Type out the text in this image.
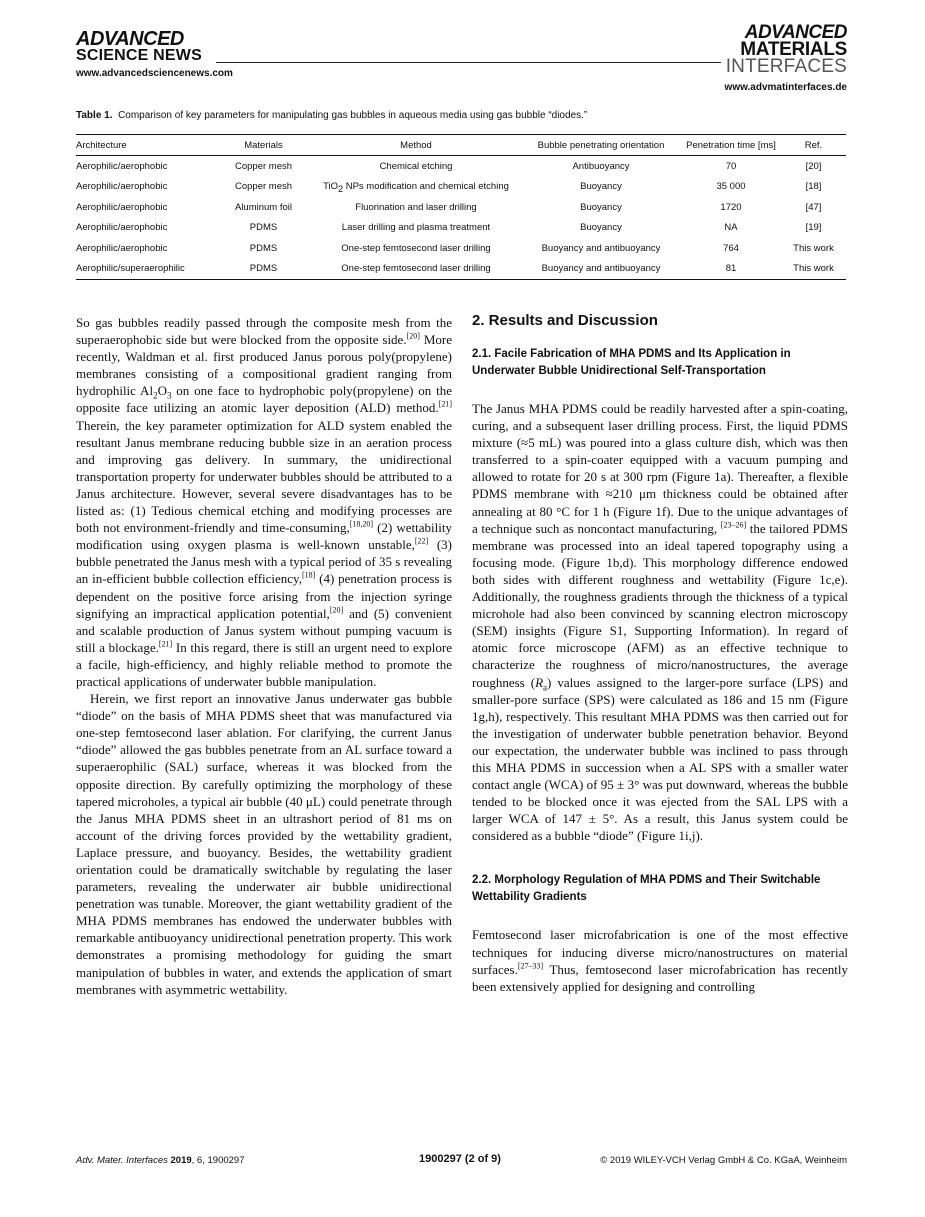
ADVANCED
SCIENCE NEWS
www.advancedsciencenews.com
ADVANCED
MATERIALS
INTERFACES
www.advmatinterfaces.de
Table 1. Comparison of key parameters for manipulating gas bubbles in aqueous media using gas bubble “diodes.”
Architecture	Materials	Method	Bubble penetrating orientation	Penetration time [ms]	Ref.
Aerophilic/aerophobic	Copper mesh	Chemical etching	Antibuoyancy	70	[20]
Aerophilic/aerophobic	Copper mesh	TiO$_2$ NPs modification and chemical etching	Buoyancy	35 000	[18]
Aerophilic/aerophobic	Aluminum foil	Fluorination and laser drilling	Buoyancy	1720	[47]
Aerophilic/aerophobic	PDMS	Laser drilling and plasma treatment	Buoyancy	NA	[19]
Aerophilic/aerophobic	PDMS	One-step femtosecond laser drilling	Buoyancy and antibuoyancy	764	This work
Aerophilic/superaerophilic	PDMS	One-step femtosecond laser drilling	Buoyancy and antibuoyancy	81	This work

So gas bubbles readily passed through the composite mesh from the superaerophobic side but were blocked from the opposite side.[20] More recently, Waldman et al. first produced Janus porous poly(propylene) membranes consisting of a compositional gradient ranging from hydrophilic $Al_2O_3$ on one face to hydrophobic poly(propylene) on the opposite face utilizing an atomic layer deposition (ALD) method.[21] Therein, the key parameter optimization for ALD system enabled the resultant Janus membrane reducing bubble size in an aeration process and improving gas delivery. In summary, the unidirectional transportation property for underwater bubbles should be attributed to a Janus architecture. However, several severe disadvantages has to be listed as: (1) Tedious chemical etching and modifying processes are both not environment-friendly and time-consuming,[18,20] (2) wettability modification using oxygen plasma is well-known unstable,[22] (3) bubble penetrated the Janus mesh with a typical period of 35 s revealing an in-efficient bubble collection efficiency,[18] (4) penetration process is dependent on the positive force arising from the injection syringe signifying an impractical application potential,[20] and (5) convenient and scalable production of Janus system without pumping vacuum is still a blockage.[21] In this regard, there is still an urgent need to explore a facile, high-efficiency, and highly reliable method to promote the practical applications of underwater bubble manipulation.

Herein, we first report an innovative Janus underwater gas bubble “diode” on the basis of MHA PDMS sheet that was manufactured via one-step femtosecond laser ablation. For clarifying, the current Janus “diode” allowed the gas bubbles penetrate from an AL surface toward a superaerophilic (SAL) surface, whereas it was blocked from the opposite direction. By carefully optimizing the morphology of these tapered microholes, a typical air bubble (40 μL) could penetrate through the Janus MHA PDMS sheet in an ultrashort period of 81 ms on account of the driving forces provided by the wettability gradient, Laplace pressure, and buoyancy. Besides, the wettability gradient orientation could be dramatically switchable by regulating the laser parameters, revealing the underwater air bubble unidirectional penetration was tunable. Moreover, the giant wettability gradient of the MHA PDMS membranes has endowed the underwater bubbles with remarkable antibuoyancy unidirectional penetration property. This work demonstrates a promising methodology for guiding the smart manipulation of bubbles in water, and extends the application of smart membranes with asymmetric wettability.

2. Results and Discussion
2.1. Facile Fabrication of MHA PDMS and Its Application in Underwater Bubble Unidirectional Self-Transportation
The Janus MHA PDMS could be readily harvested after a spin-coating, curing, and a subsequent laser drilling process. First, the liquid PDMS mixture (≈5 mL) was poured into a glass culture dish, which was then transferred to a spin-coater equipped with a vacuum pumping and allowed to rotate for 20 s at 300 rpm (Figure 1a). Thereafter, a flexible PDMS membrane with ≈210 μm thickness could be obtained after annealing at 80 °C for 1 h (Figure 1f). Due to the unique advantages of a technique such as noncontact manufacturing, [23–26] the tailored PDMS membrane was processed into an ideal tapered topography using a focusing mode. (Figure 1b,d). This morphology difference endowed both sides with different roughness and wettability (Figure 1c,e). Additionally, the roughness gradients through the thickness of a typical microhole had also been convinced by scanning electron microscopy (SEM) insights (Figure S1, Supporting Information). In regard of atomic force microscope (AFM) as an effective technique to characterize the roughness of micro/nanostructures, the average roughness $(R_a)$ values assigned to the larger-pore surface (LPS) and smaller-pore surface (SPS) were calculated as 186 and 15 nm (Figure 1g,h), respectively. This resultant MHA PDMS was then carried out for the investigation of underwater bubble penetration behavior. Beyond our expectation, the underwater bubble was inclined to pass through this MHA PDMS in succession when a AL SPS with a smaller water contact angle (WCA) of 95 ± 3° was put downward, whereas the bubble tended to be blocked once it was ejected from the SAL LPS with a larger WCA of 147 ± 5°. As a result, this Janus system could be considered as a bubble “diode” (Figure 1i,j).
2.2. Morphology Regulation of MHA PDMS and Their Switchable Wettability Gradients
Femtosecond laser microfabrication is one of the most effective techniques for inducing diverse micro/nanostructures on material surfaces.[27–33] Thus, femtosecond laser microfabrication has recently been extensively applied for designing and controlling
Adv. Mater. Interfaces 2019, 6, 1900297	1900297 (2 of 9)	© 2019 WILEY-VCH Verlag GmbH & Co. KGaA, Weinheim
